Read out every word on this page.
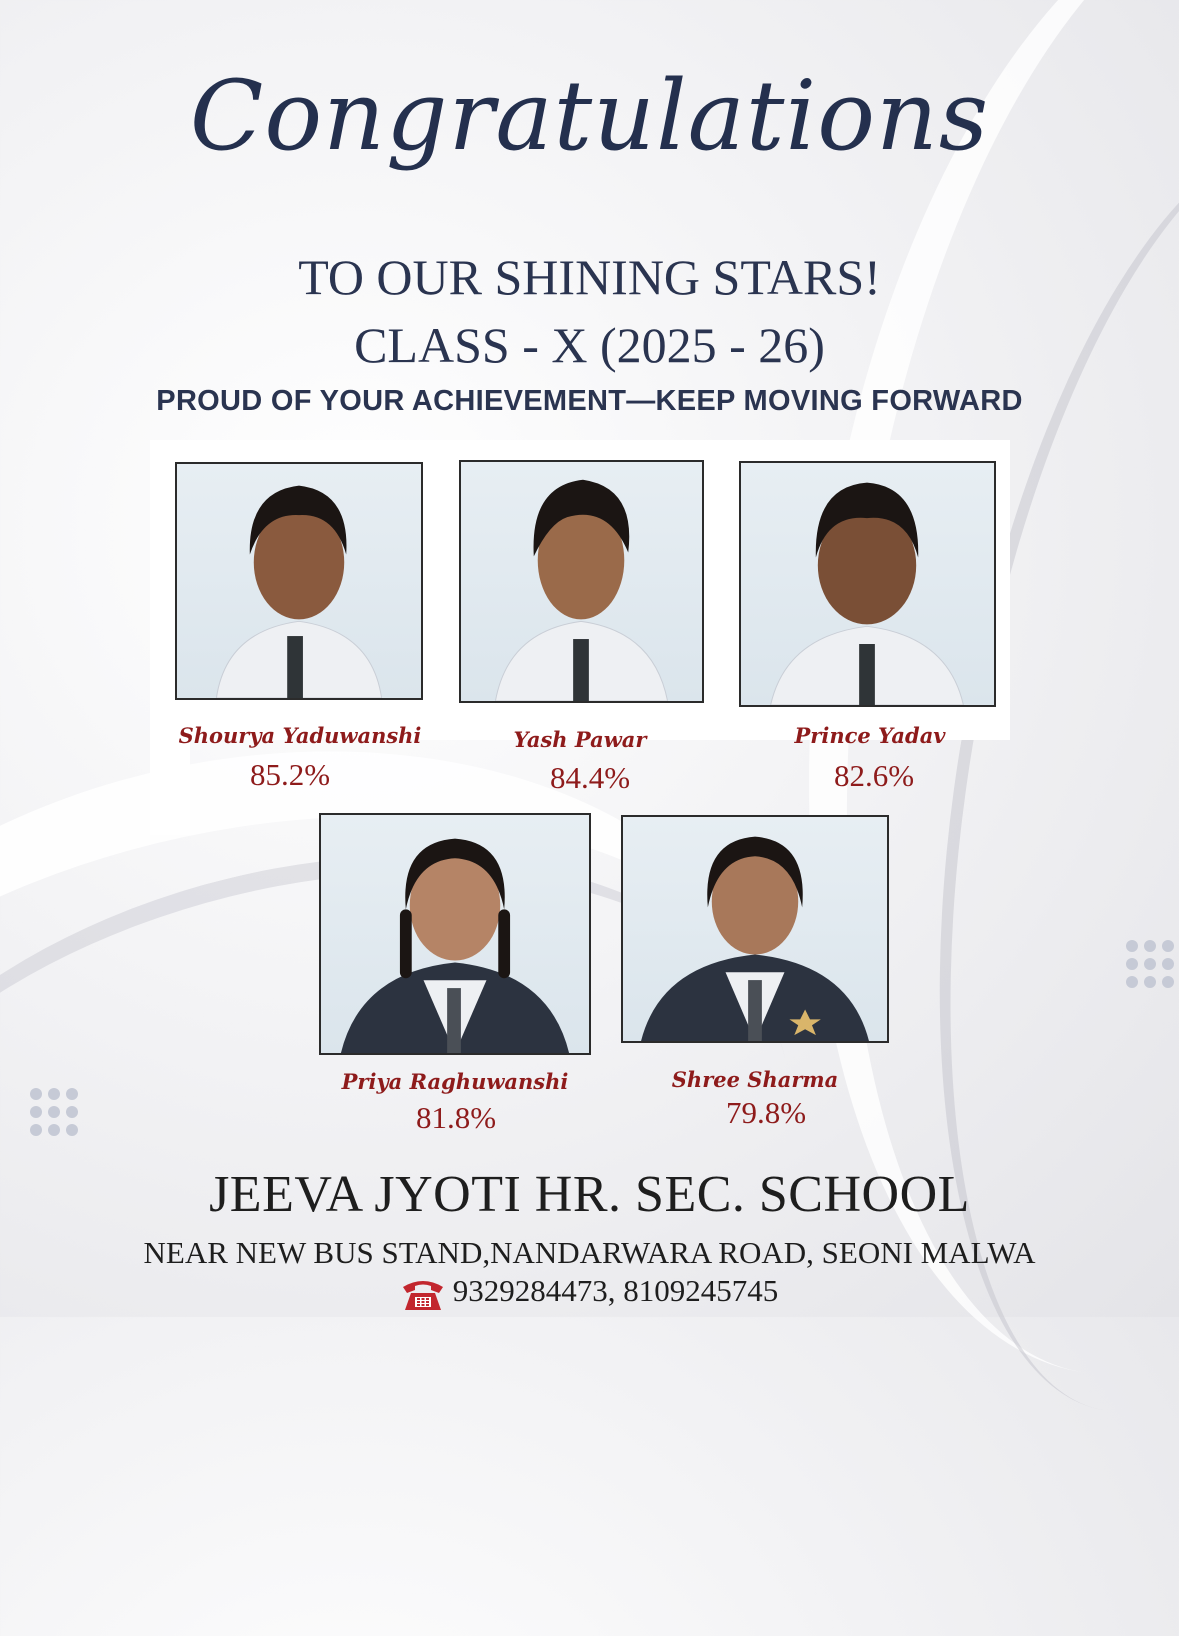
Congratulations
TO OUR SHINING STARS!
CLASS - X (2025 - 26)
PROUD OF YOUR ACHIEVEMENT—KEEP MOVING FORWARD
Shourya Yaduwanshi
85.2%
Yash Pawar
84.4%
Prince Yadav
82.6%
Priya Raghuwanshi
81.8%
Shree Sharma
79.8%
JEEVA JYOTI HR. SEC. SCHOOL
NEAR NEW BUS STAND,NANDARWARA ROAD, SEONI MALWA
9329284473, 8109245745
